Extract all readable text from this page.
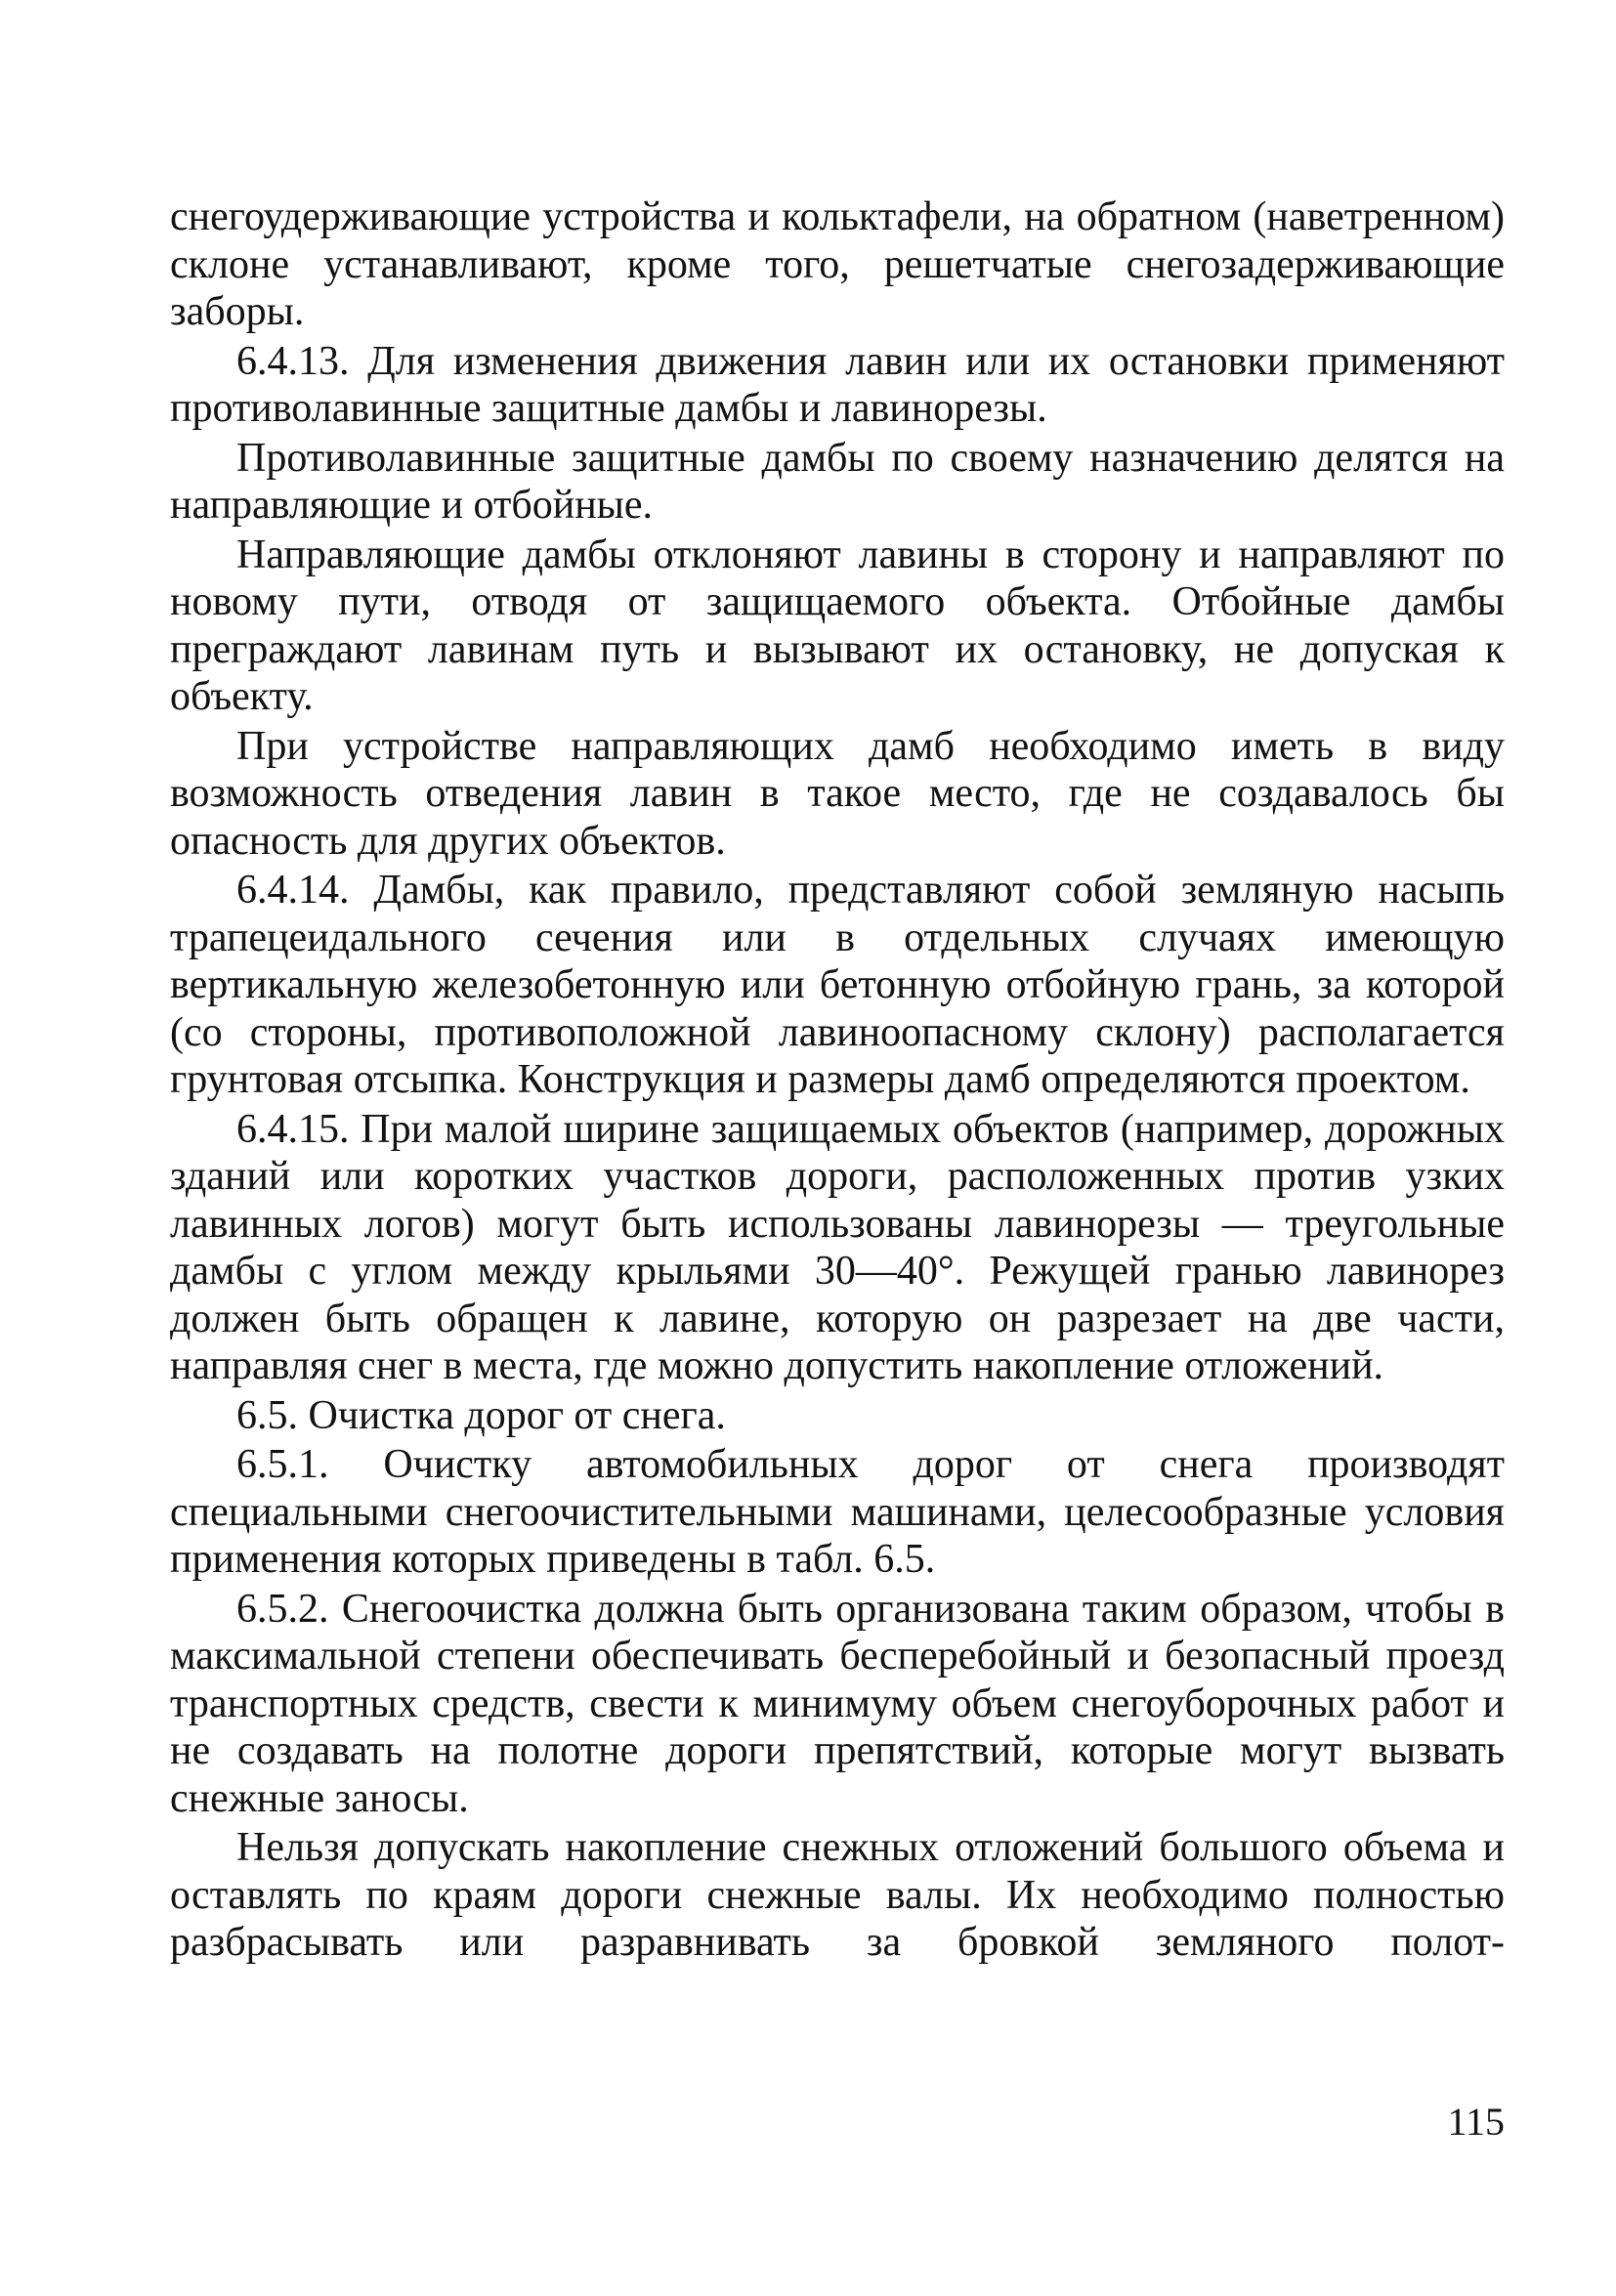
снегоудерживающие устройства и кольктафели, на обратном (наветренном) склоне устанавливают, кроме того, решетчатые снегозадерживающие заборы.

6.4.13. Для изменения движения лавин или их остановки применяют противолавинные защитные дамбы и лавинорезы.

Противолавинные защитные дамбы по своему назначению делятся на направляющие и отбойные.

Направляющие дамбы отклоняют лавины в сторону и направляют по новому пути, отводя от защищаемого объекта. Отбойные дамбы преграждают лавинам путь и вызывают их остановку, не допуская к объекту.

При устройстве направляющих дамб необходимо иметь в виду возможность отведения лавин в такое место, где не создавалось бы опасность для других объектов.

6.4.14. Дамбы, как правило, представляют собой земляную насыпь трапецеидального сечения или в отдельных случаях имеющую вертикальную железобетонную или бетонную отбойную грань, за которой (со стороны, противоположной лавиноопасному склону) располагается грунтовая отсыпка. Конструкция и размеры дамб определяются проектом.

6.4.15. При малой ширине защищаемых объектов (например, дорожных зданий или коротких участков дороги, расположенных против узких лавинных логов) могут быть использованы лавинорезы — треугольные дамбы с углом между крыльями 30—40°. Режущей гранью лавинорез должен быть обращен к лавине, которую он разрезает на две части, направляя снег в места, где можно допустить накопление отложений.

6.5. Очистка дорог от снега.

6.5.1. Очистку автомобильных дорог от снега производят специальными снегоочистительными машинами, целесообразные условия применения которых приведены в табл. 6.5.

6.5.2. Снегоочистка должна быть организована таким образом, чтобы в максимальной степени обеспечивать бесперебойный и безопасный проезд транспортных средств, свести к минимуму объем снегоуборочных работ и не создавать на полотне дороги препятствий, которые могут вызвать снежные заносы.

Нельзя допускать накопление снежных отложений большого объема и оставлять по краям дороги снежные валы. Их необходимо полностью разбрасывать или разравнивать за бровкой земляного полот-

115
